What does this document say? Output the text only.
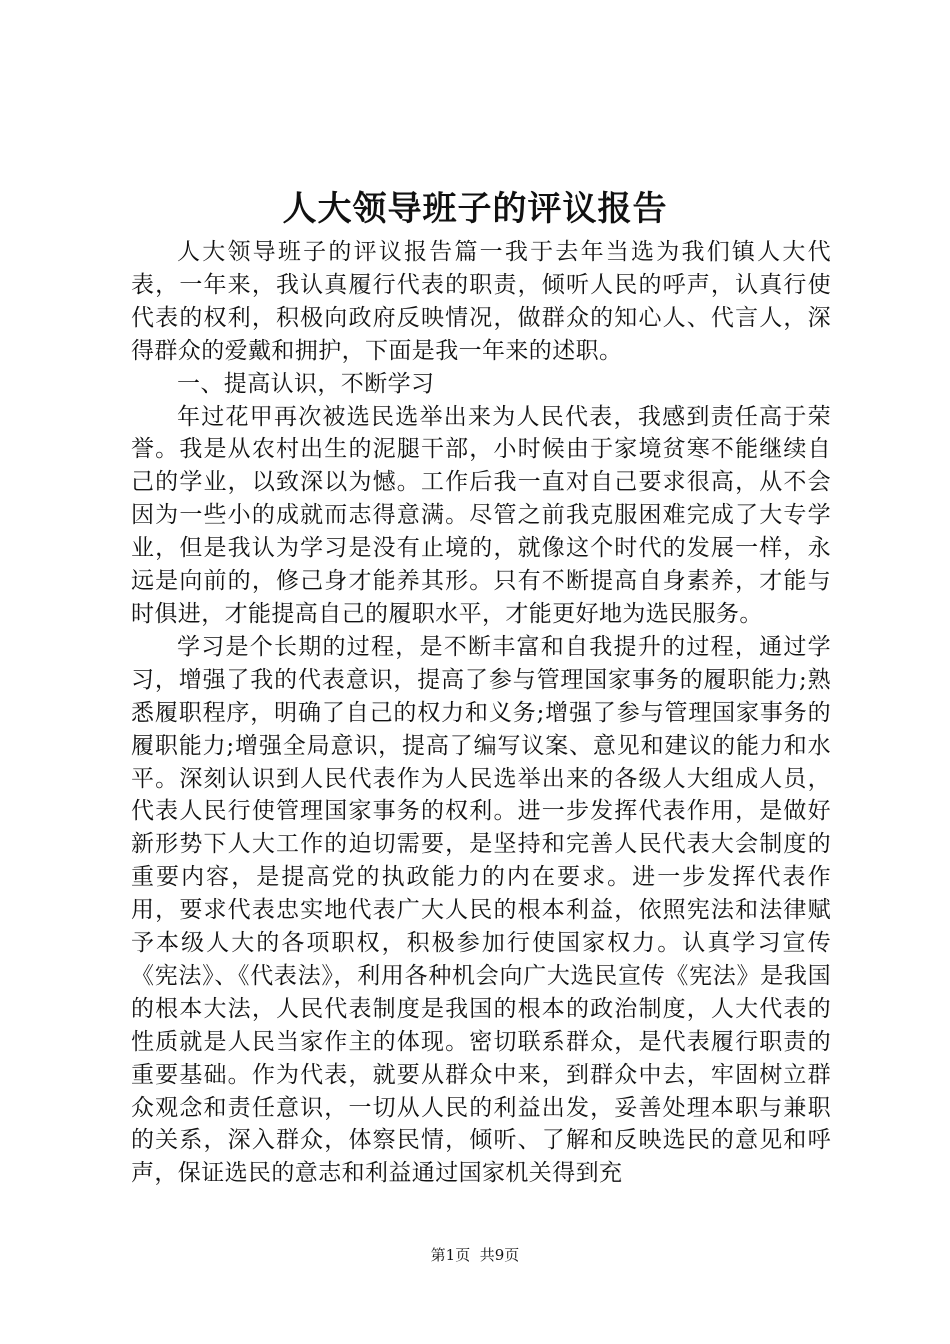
人大领导班子的评议报告

人大领导班子的评议报告篇一我于去年当选为我们镇人大代表，一年来，我认真履行代表的职责，倾听人民的呼声，认真行使代表的权利，积极向政府反映情况，做群众的知心人、代言人，深得群众的爱戴和拥护，下面是我一年来的述职。

一、提高认识，不断学习

年过花甲再次被选民选举出来为人民代表，我感到责任高于荣誉。我是从农村出生的泥腿干部，小时候由于家境贫寒不能继续自己的学业，以致深以为憾。工作后我一直对自己要求很高，从不会因为一些小的成就而志得意满。尽管之前我克服困难完成了大专学业，但是我认为学习是没有止境的，就像这个时代的发展一样，永远是向前的，修己身才能养其形。只有不断提高自身素养，才能与时俱进，才能提高自己的履职水平，才能更好地为选民服务。

学习是个长期的过程，是不断丰富和自我提升的过程，通过学习，增强了我的代表意识，提高了参与管理国家事务的履职能力;熟悉履职程序，明确了自己的权力和义务;增强了参与管理国家事务的履职能力;增强全局意识，提高了编写议案、意见和建议的能力和水平。深刻认识到人民代表作为人民选举出来的各级人大组成人员，代表人民行使管理国家事务的权利。进一步发挥代表作用，是做好新形势下人大工作的迫切需要，是坚持和完善人民代表大会制度的重要内容，是提高党的执政能力的内在要求。进一步发挥代表作用，要求代表忠实地代表广大人民的根本利益，依照宪法和法律赋予本级人大的各项职权，积极参加行使国家权力。认真学习宣传《宪法》、《代表法》，利用各种机会向广大选民宣传《宪法》是我国的根本大法，人民代表制度是我国的根本的政治制度，人大代表的性质就是人民当家作主的体现。密切联系群众，是代表履行职责的重要基础。作为代表，就要从群众中来，到群众中去，牢固树立群众观念和责任意识，一切从人民的利益出发，妥善处理本职与兼职的关系，深入群众，体察民情，倾听、了解和反映选民的意见和呼声，保证选民的意志和利益通过国家机关得到充

第1页 共9页
